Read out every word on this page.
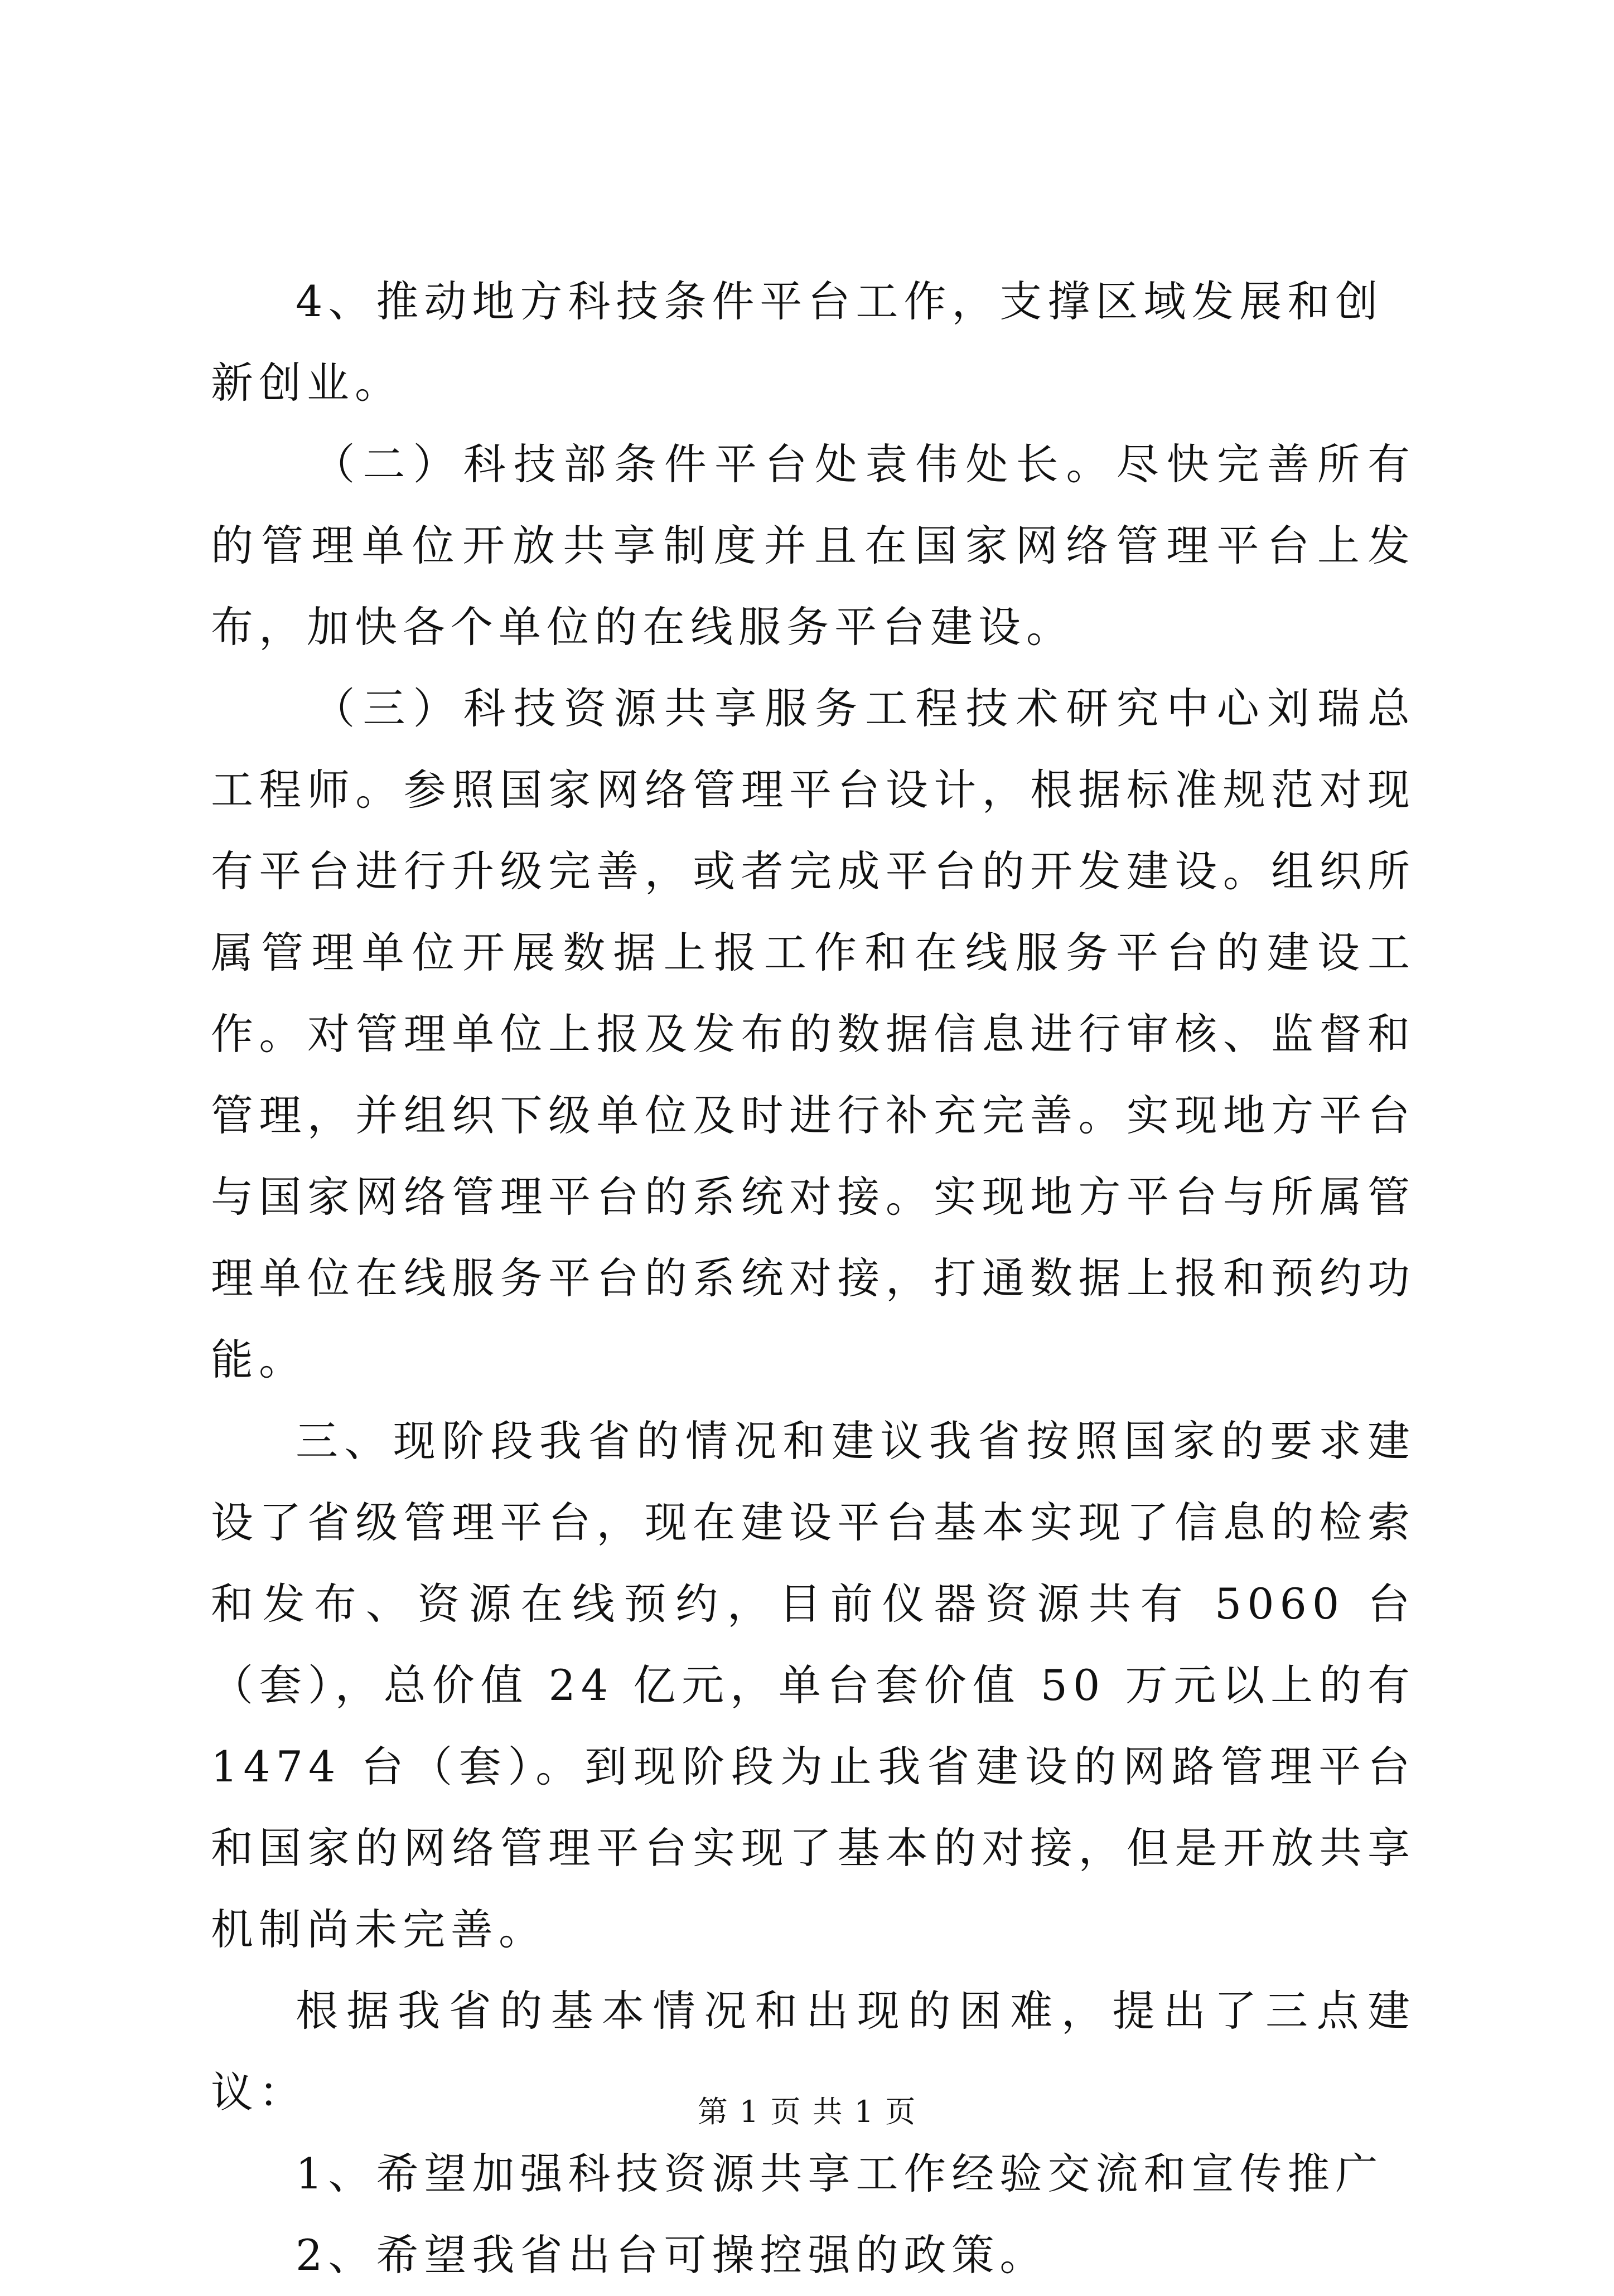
4、推动地方科技条件平台工作，支撑区域发展和创新创业。

（二）科技部条件平台处袁伟处长。尽快完善所有的管理单位开放共享制度并且在国家网络管理平台上发布，加快各个单位的在线服务平台建设。

（三）科技资源共享服务工程技术研究中心刘瑞总工程师。参照国家网络管理平台设计，根据标准规范对现有平台进行升级完善，或者完成平台的开发建设。组织所属管理单位开展数据上报工作和在线服务平台的建设工作。对管理单位上报及发布的数据信息进行审核、监督和管理，并组织下级单位及时进行补充完善。实现地方平台与国家网络管理平台的系统对接。实现地方平台与所属管理单位在线服务平台的系统对接，打通数据上报和预约功能。

三、现阶段我省的情况和建议我省按照国家的要求建设了省级管理平台，现在建设平台基本实现了信息的检索和发布、资源在线预约，目前仪器资源共有 5060 台（套），总价值 24 亿元，单台套价值 50 万元以上的有 1474 台（套）。到现阶段为止我省建设的网路管理平台和国家的网络管理平台实现了基本的对接，但是开放共享机制尚未完善。

根据我省的基本情况和出现的困难，提出了三点建议：

1、希望加强科技资源共享工作经验交流和宣传推广

2、希望我省出台可操控强的政策。

第 1 页 共 1 页
